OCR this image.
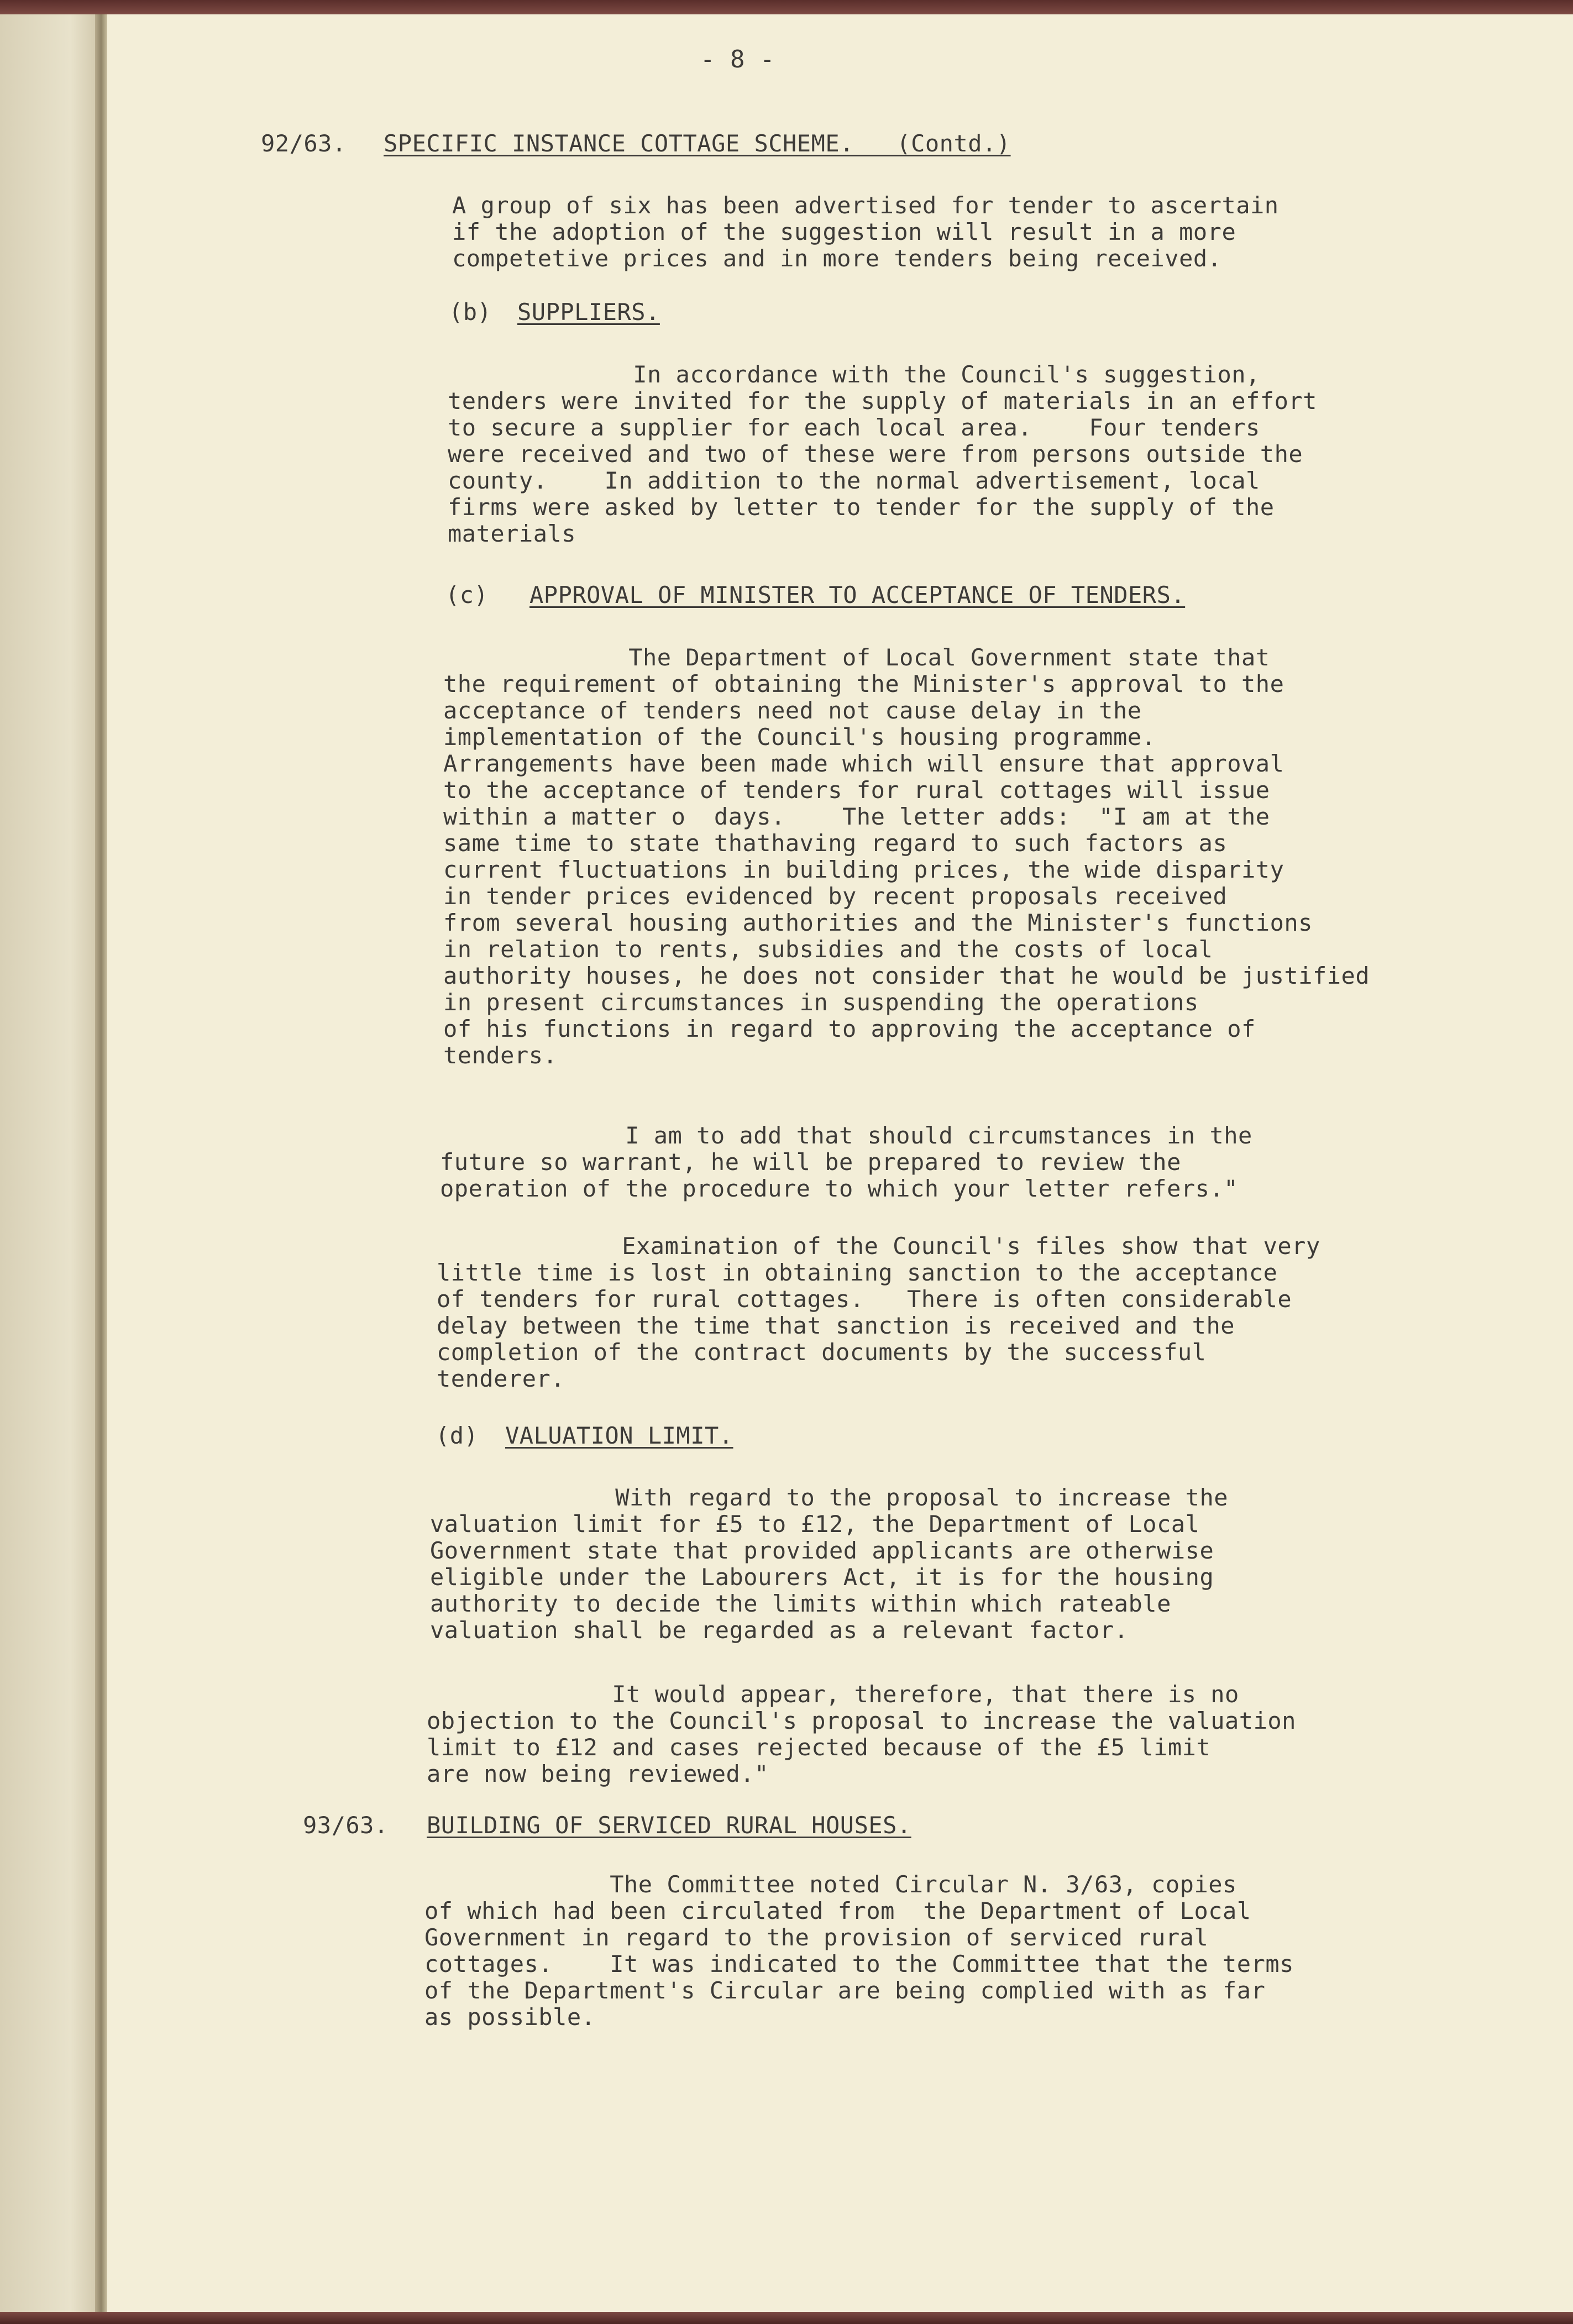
- 8 -
92/63. SPECIFIC INSTANCE COTTAGE SCHEME.   (Contd.)
A group of six has been advertised for tender to ascertain
if the adoption of the suggestion will result in a more
competetive prices and in more tenders being received.
(b) SUPPLIERS.
In accordance with the Council's suggestion,
tenders were invited for the supply of materials in an effort
to secure a supplier for each local area.    Four tenders
were received and two of these were from persons outside the
county.    In addition to the normal advertisement, local
firms were asked by letter to tender for the supply of the
materials
(c) APPROVAL OF MINISTER TO ACCEPTANCE OF TENDERS.
The Department of Local Government state that
the requirement of obtaining the Minister's approval to the
acceptance of tenders need not cause delay in the
implementation of the Council's housing programme.
Arrangements have been made which will ensure that approval
to the acceptance of tenders for rural cottages will issue
within a matter o  days.    The letter adds:  "I am at the
same time to state thathaving regard to such factors as
current fluctuations in building prices, the wide disparity
in tender prices evidenced by recent proposals received
from several housing authorities and the Minister's functions
in relation to rents, subsidies and the costs of local
authority houses, he does not consider that he would be justified
in present circumstances in suspending the operations
of his functions in regard to approving the acceptance of
tenders.
I am to add that should circumstances in the
future so warrant, he will be prepared to review the
operation of the procedure to which your letter refers."
Examination of the Council's files show that very
little time is lost in obtaining sanction to the acceptance
of tenders for rural cottages.   There is often considerable
delay between the time that sanction is received and the
completion of the contract documents by the successful
tenderer.
(d) VALUATION LIMIT.
With regard to the proposal to increase the
valuation limit for £5 to £12, the Department of Local
Government state that provided applicants are otherwise
eligible under the Labourers Act, it is for the housing
authority to decide the limits within which rateable
valuation shall be regarded as a relevant factor.
It would appear, therefore, that there is no
objection to the Council's proposal to increase the valuation
limit to £12 and cases rejected because of the £5 limit
are now being reviewed."
93/63. BUILDING OF SERVICED RURAL HOUSES.
The Committee noted Circular N. 3/63, copies
of which had been circulated from  the Department of Local
Government in regard to the provision of serviced rural
cottages.    It was indicated to the Committee that the terms
of the Department's Circular are being complied with as far
as possible.
